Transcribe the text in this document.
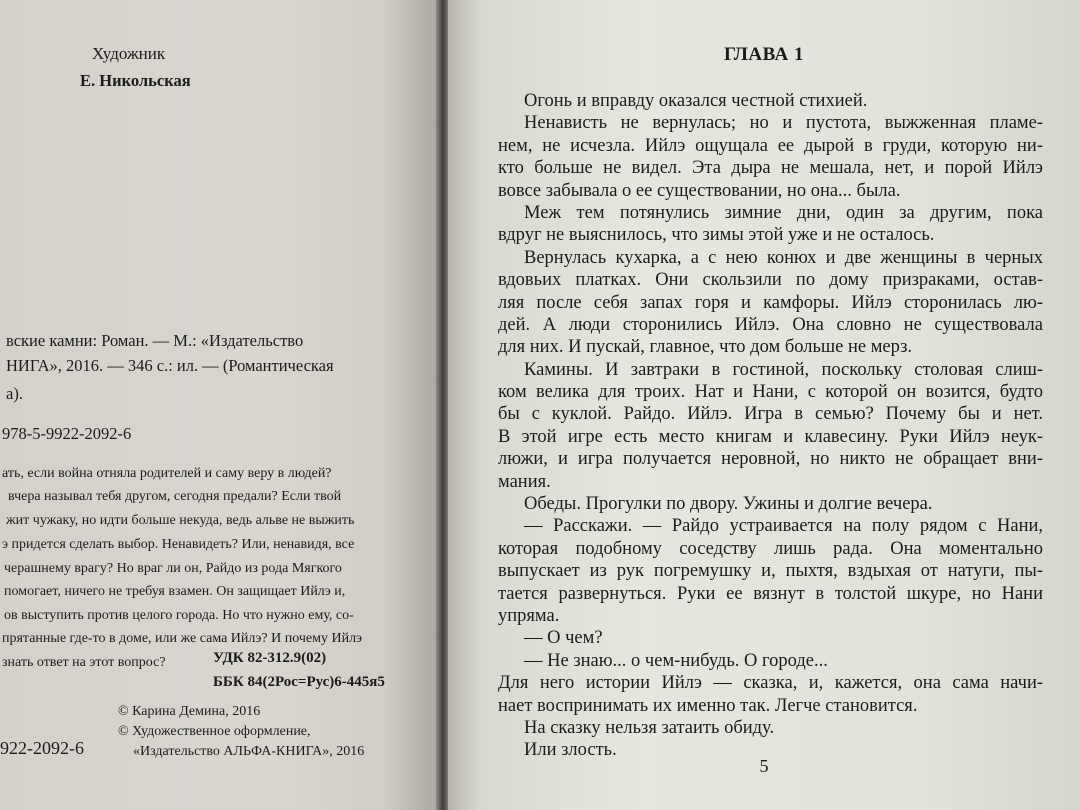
Художник
Е. Никольская
вские камни: Роман. — М.: «Издательство
НИГА», 2016. — 346 с.: ил. — (Романтическая
а).
978-5-9922-2092-6
ать, если война отняла родителей и саму веру в людей?
вчера называл тебя другом, сегодня предали? Если твой
жит чужаку, но идти больше некуда, ведь альве не выжить
э придется сделать выбор. Ненавидеть? Или, ненавидя, все
черашнему врагу? Но враг ли он, Райдо из рода Мягкого
помогает, ничего не требуя взамен. Он защищает Ийлэ и,
ов выступить против целого города. Но что нужно ему, со-
прятанные где-то в доме, или же сама Ийлэ? И почему Ийлэ
знать ответ на этот вопрос?	УДК 82-312.9(02)
ББК 84(2Рос=Рус)6-445я5
© Карина Демина, 2016
© Художественное оформление,
«Издательство АЛЬФА-КНИГА», 2016
922-2092-6
ГЛАВА 1
Огонь и вправду оказался честной стихией.
Ненависть не вернулась; но и пустота, выжженная пламе-
нем, не исчезла. Ийлэ ощущала ее дырой в груди, которую ни-
кто больше не видел. Эта дыра не мешала, нет, и порой Ийлэ
вовсе забывала о ее существовании, но она... была.
Меж тем потянулись зимние дни, один за другим, пока
вдруг не выяснилось, что зимы этой уже и не осталось.
Вернулась кухарка, а с нею конюх и две женщины в черных
вдовьих платках. Они скользили по дому призраками, остав-
ляя после себя запах горя и камфоры. Ийлэ сторонилась лю-
дей. А люди сторонились Ийлэ. Она словно не существовала
для них. И пускай, главное, что дом больше не мерз.
Камины. И завтраки в гостиной, поскольку столовая слиш-
ком велика для троих. Нат и Нани, с которой он возится, будто
бы с куклой. Райдо. Ийлэ. Игра в семью? Почему бы и нет.
В этой игре есть место книгам и клавесину. Руки Ийлэ неук-
люжи, и игра получается неровной, но никто не обращает вни-
мания.
Обеды. Прогулки по двору. Ужины и долгие вечера.
— Расскажи. — Райдо устраивается на полу рядом с Нани,
которая подобному соседству лишь рада. Она моментально
выпускает из рук погремушку и, пыхтя, вздыхая от натуги, пы-
тается развернуться. Руки ее вязнут в толстой шкуре, но Нани
упряма.
— О чем?
— Не знаю... о чем-нибудь. О городе...
Для него истории Ийлэ — сказка, и, кажется, она сама начи-
нает воспринимать их именно так. Легче становится.
На сказку нельзя затаить обиду.
Или злость.
5
